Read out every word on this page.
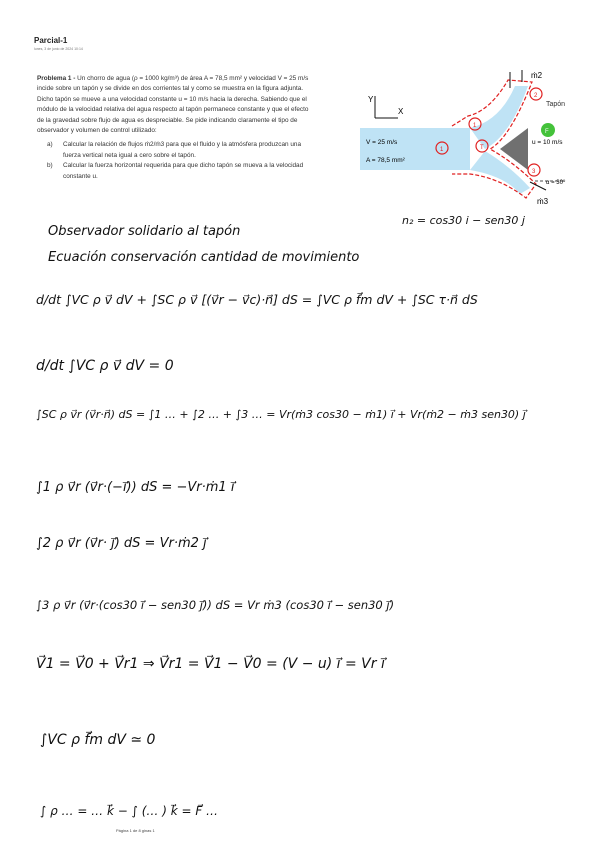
Parcial-1
lunes, 3 de junio de 2024 10:14
Problema 1 - Un chorro de agua (ρ = 1000 kg/m³) de área A = 78,5 mm² y velocidad V = 25 m/s incide sobre un tapón y se divide en dos corrientes tal y como se muestra en la figura adjunta. Dicho tapón se mueve a una velocidad constante u = 10 m/s hacia la derecha. Sabiendo que el módulo de la velocidad relativa del agua respecto al tapón permanece constante y que el efecto de la gravedad sobre flujo de agua es despreciable. Se pide indicando claramente el tipo de observador y volumen de control utilizado:
a)	Calcular la relación de flujos ṁ2/ṁ3 para que el fluido y la atmósfera produzcan una fuerza vertical neta igual a cero sobre el tapón.
b)	Calcular la fuerza horizontal requerida para que dicho tapón se mueva a la velocidad constante u.
ṁ2
ṁ3
Tapón
V = 25 m/s
A = 78,5 mm²
u = 10 m/s
α = 30º
Y
X
1
1
2
T
3
F
n₂ = cos30 i − sen30 j
Observador solidario al tapón
Ecuación conservación cantidad de movimiento
d/dt ∫VC ρ v⃗ dV + ∫SC ρ v⃗ [(v⃗r − v⃗c)·n⃗] dS = ∫VC ρ f⃗m dV + ∫SC τ·n⃗ dS
d/dt ∫VC ρ v⃗ dV = 0
∫SC ρ v⃗r (v⃗r·n⃗) dS = ∫1 … + ∫2 … + ∫3 … = Vr(ṁ3 cos30 − ṁ1) i⃗ + Vr(ṁ2 − ṁ3 sen30) j⃗
∫1 ρ v⃗r (v⃗r·(−i⃗)) dS = −Vr·ṁ1 i⃗
∫2 ρ v⃗r (v⃗r· j⃗) dS = Vr·ṁ2 j⃗
∫3 ρ v⃗r (v⃗r·(cos30 i⃗ − sen30 j⃗)) dS = Vr ṁ3 (cos30 i⃗ − sen30 j⃗)
V⃗1 = V⃗0 + V⃗r1 ⇒ V⃗r1 = V⃗1 − V⃗0 = (V − u) i⃗ = Vr i⃗
∫VC ρ f⃗m dV ≃ 0
∫ ρ … = … k⃗ − ∫ (… ) k⃗ = F⃗ …
Página 1 de 8 ginas 1
